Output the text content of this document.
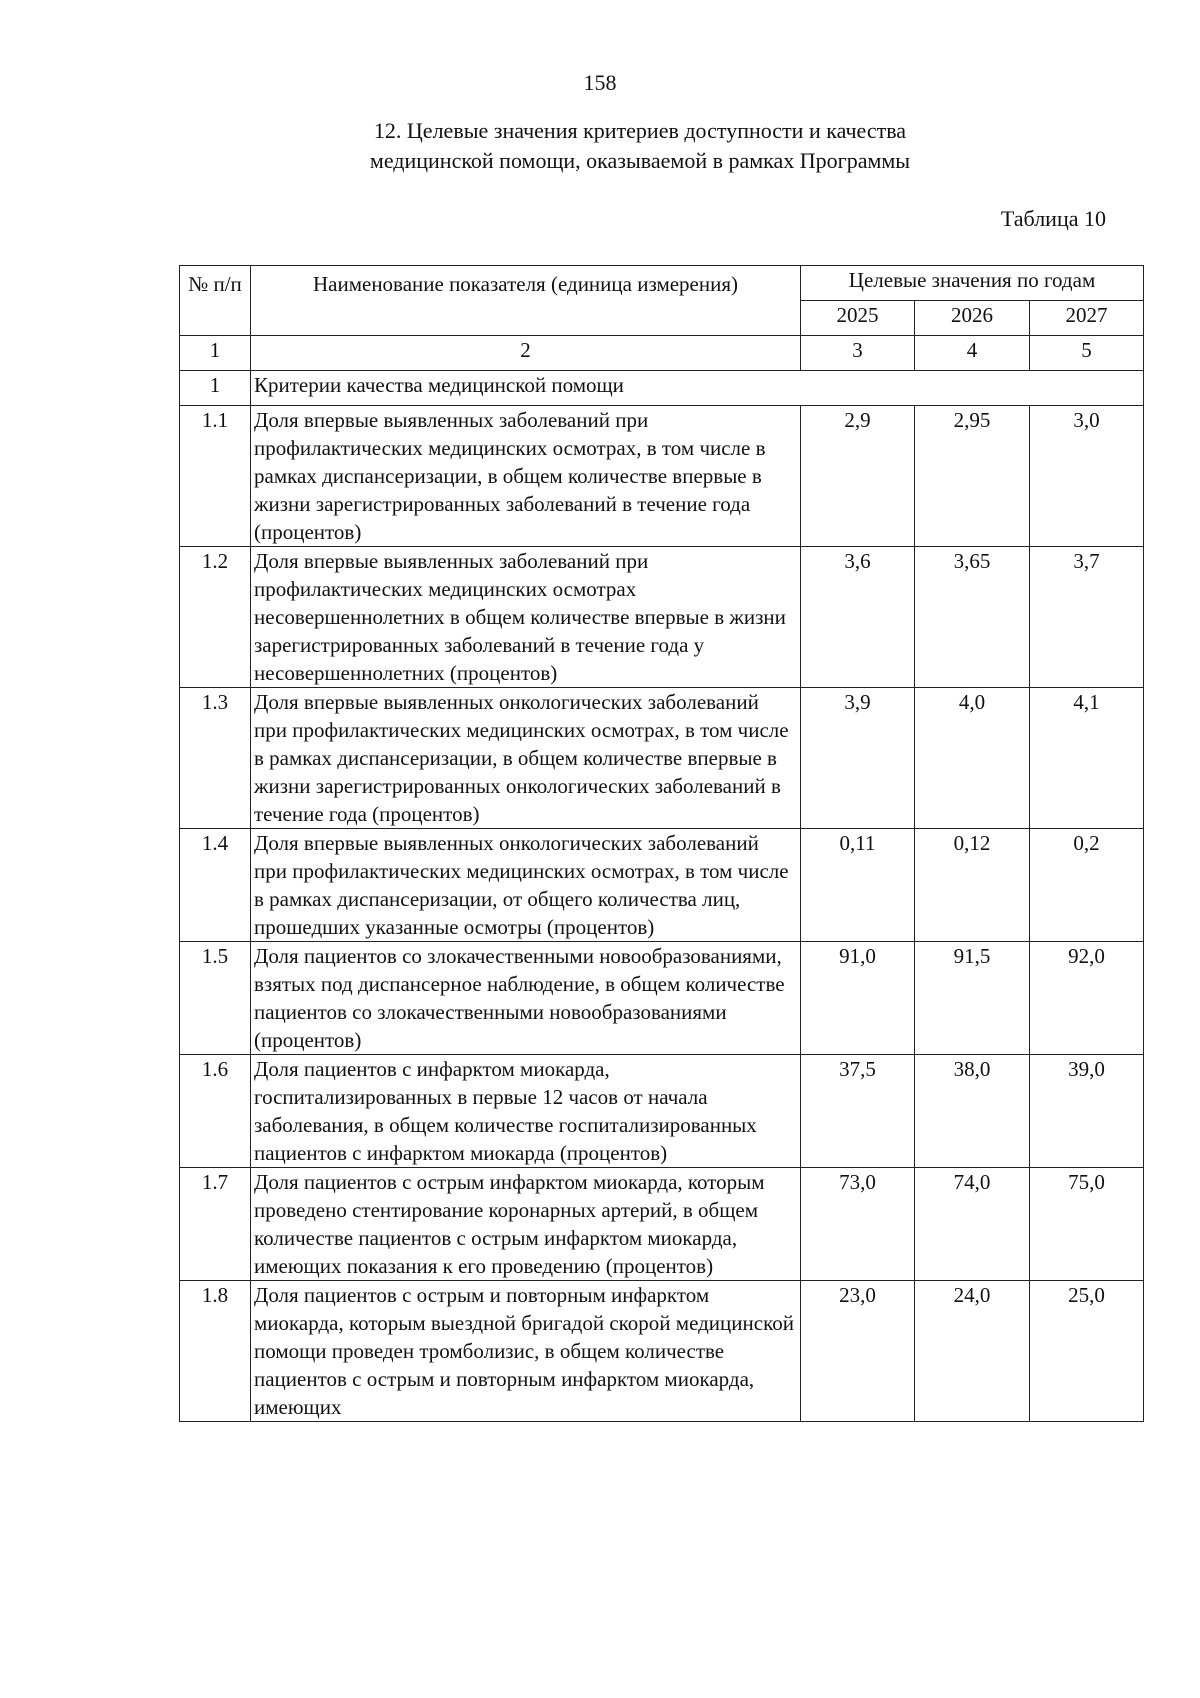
158
12. Целевые значения критериев доступности и качества
медицинской помощи, оказываемой в рамках Программы
Таблица 10
№ п/п	Наименование показателя (единица измерения)	Целевые значения по годам		
		2025	2026	2027
1	2	3	4	5
1	Критерии качества медицинской помощи			
1.1	Доля впервые выявленных заболеваний при профилактических медицинских осмотрах, в том числе в рамках диспансеризации, в общем количестве впервые в жизни зарегистрированных заболеваний в течение года (процентов)	2,9	2,95	3,0
1.2	Доля впервые выявленных заболеваний при профилактических медицинских осмотрах несовершеннолетних в общем количестве впервые в жизни зарегистрированных заболеваний в течение года у несовершеннолетних (процентов)	3,6	3,65	3,7
1.3	Доля впервые выявленных онкологических заболеваний при профилактических медицинских осмотрах, в том числе в рамках диспансеризации, в общем количестве впервые в жизни зарегистрированных онкологических заболеваний в течение года (процентов)	3,9	4,0	4,1
1.4	Доля впервые выявленных онкологических заболеваний при профилактических медицинских осмотрах, в том числе в рамках диспансеризации, от общего количества лиц, прошедших указанные осмотры (процентов)	0,11	0,12	0,2
1.5	Доля пациентов со злокачественными новообразованиями, взятых под диспансерное наблюдение, в общем количестве пациентов со злокачественными новообразованиями (процентов)	91,0	91,5	92,0
1.6	Доля пациентов с инфарктом миокарда, госпитализированных в первые 12 часов от начала заболевания, в общем количестве госпитализированных пациентов с инфарктом миокарда (процентов)	37,5	38,0	39,0
1.7	Доля пациентов с острым инфарктом миокарда, которым проведено стентирование коронарных артерий, в общем количестве пациентов с острым инфарктом миокарда, имеющих показания к его проведению (процентов)	73,0	74,0	75,0
1.8	Доля пациентов с острым и повторным инфарктом миокарда, которым выездной бригадой скорой медицинской помощи проведен тромболизис, в общем количестве пациентов с острым и повторным инфарктом миокарда, имеющих	23,0	24,0	25,0
